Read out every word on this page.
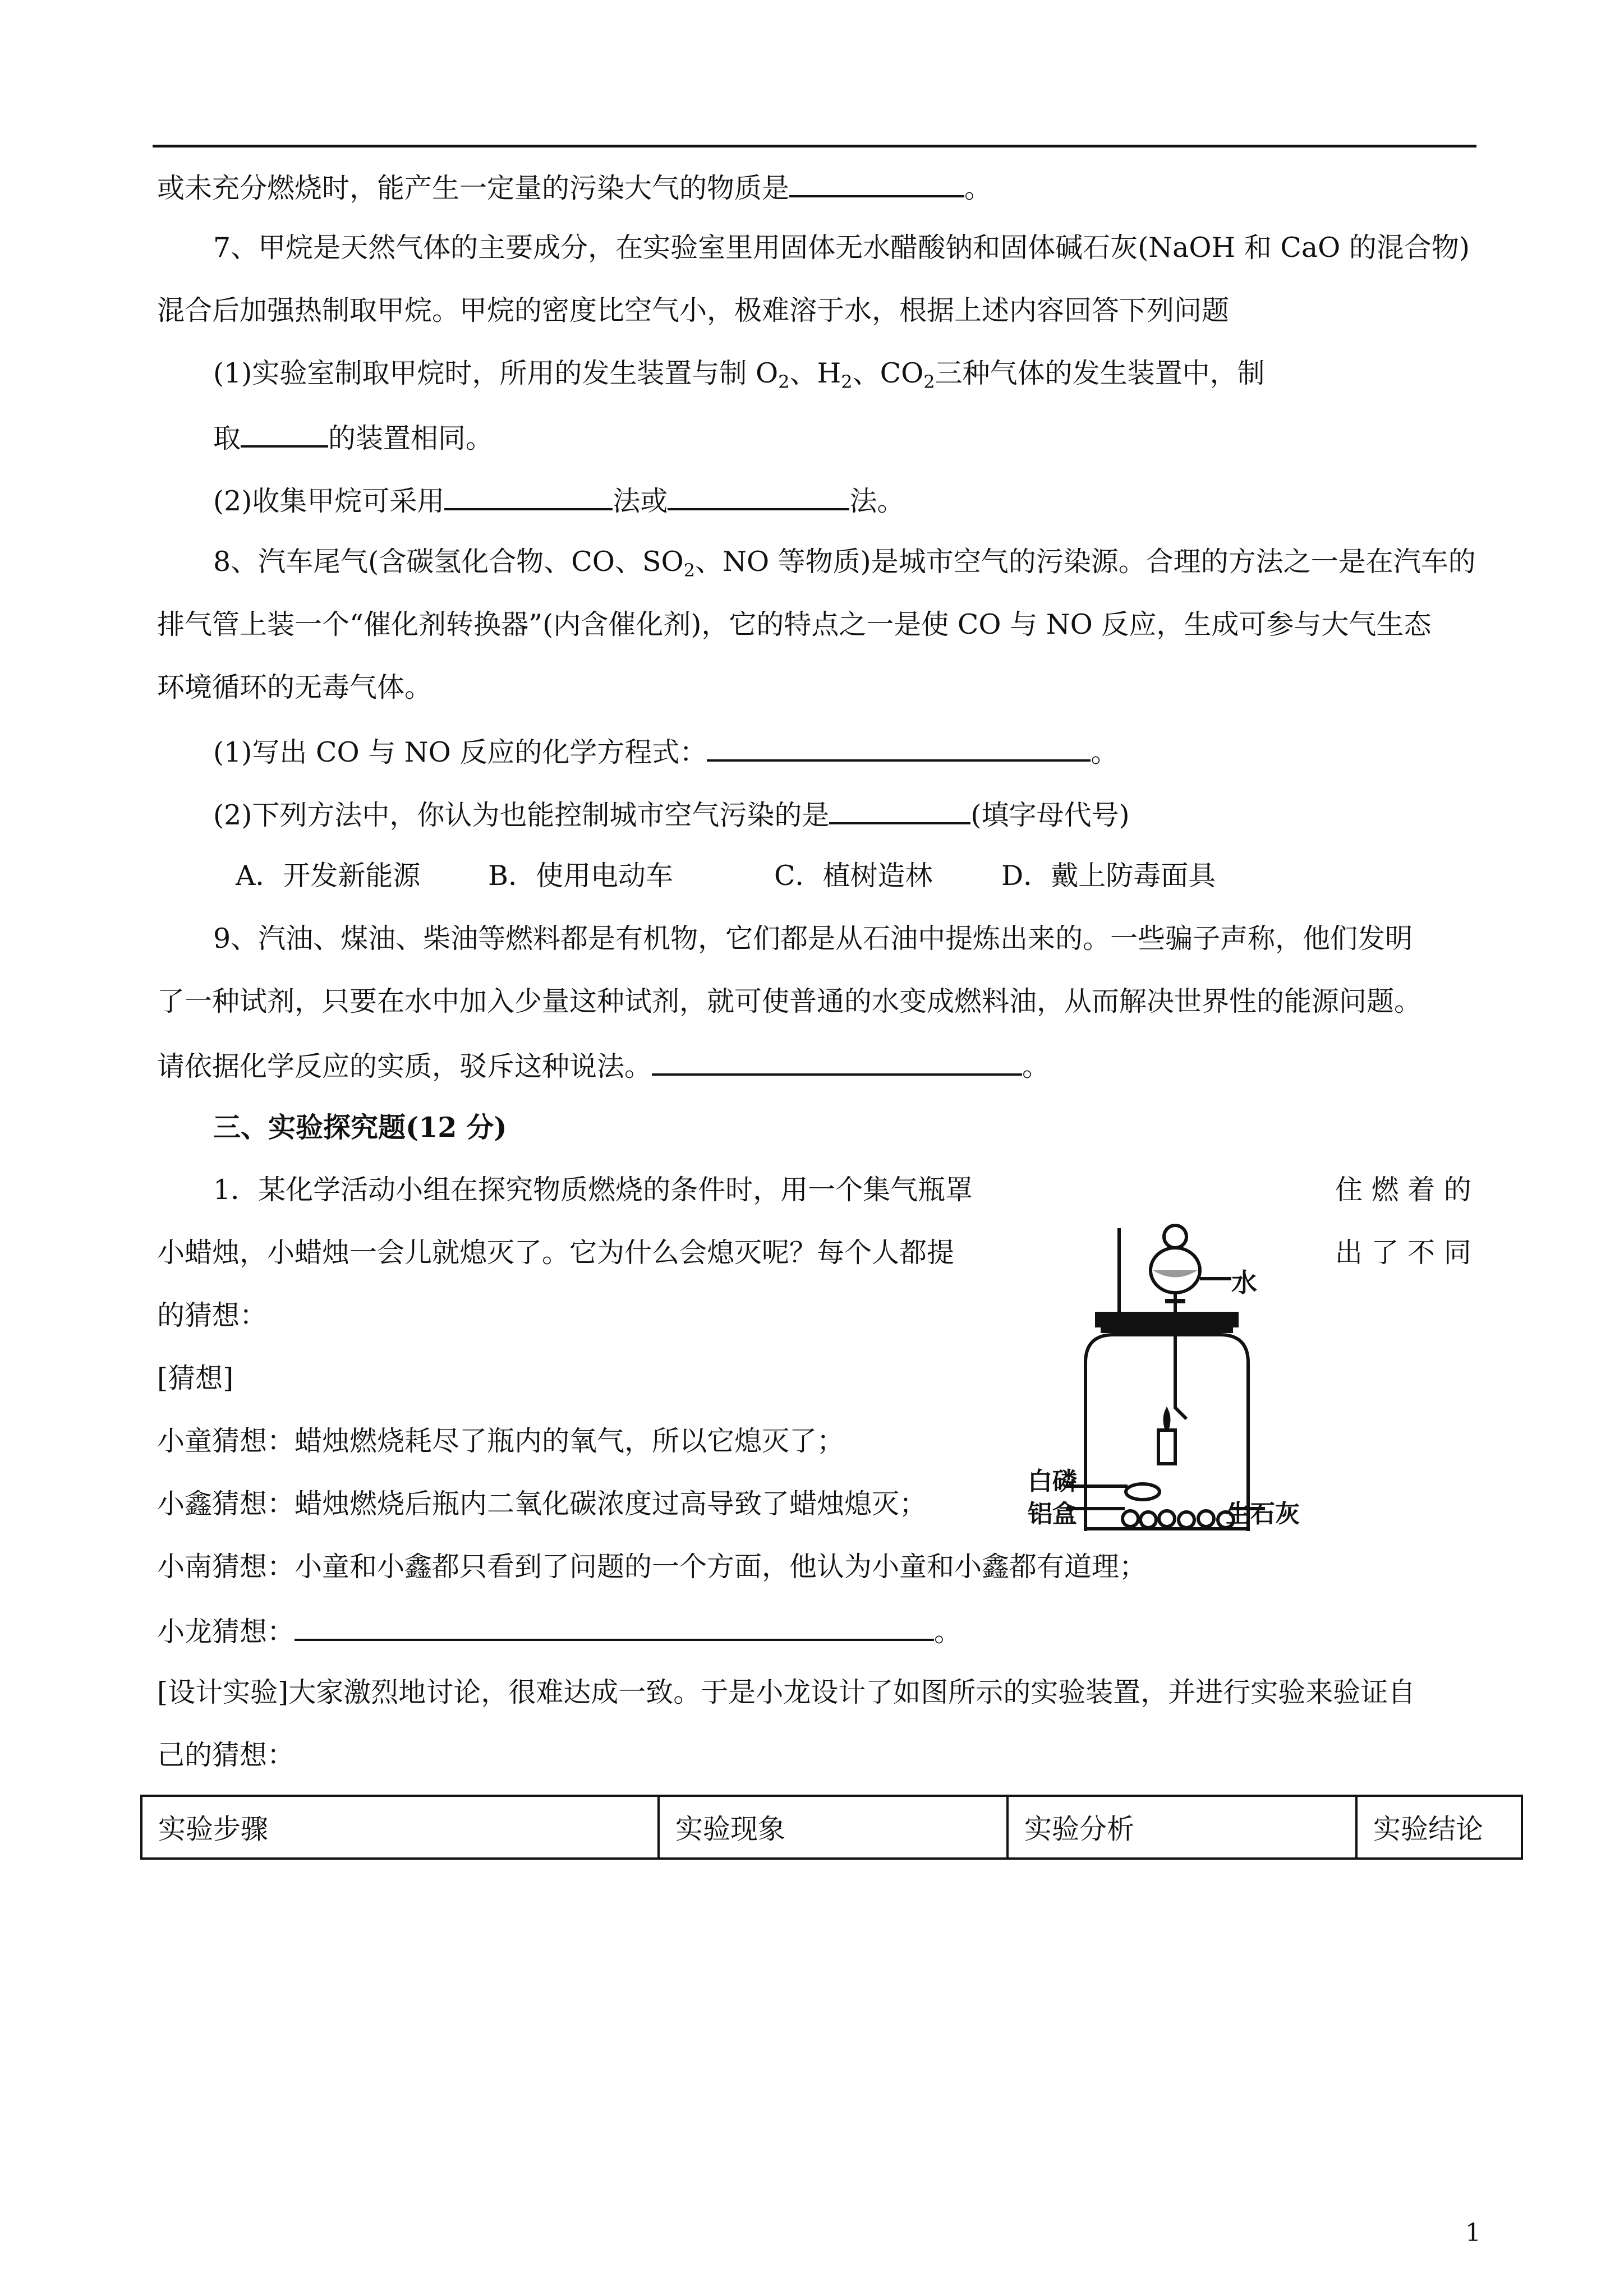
或未充分燃烧时，能产生一定量的污染大气的物质是	。
7、甲烷是天然气体的主要成分，在实验室里用固体无水醋酸钠和固体碱石灰(NaOH 和 CaO 的混合物)
混合后加强热制取甲烷。甲烷的密度比空气小，极难溶于水，根据上述内容回答下列问题
(1)实验室制取甲烷时，所用的发生装置与制 $O_2$、$H_2$、$CO_2$三种气体的发生装置中，制
取	的装置相同。
(2)收集甲烷可采用	法或	法。
8、汽车尾气(含碳氢化合物、CO、$SO_2$、NO 等物质)是城市空气的污染源。合理的方法之一是在汽车的
排气管上装一个“催化剂转换器”(内含催化剂)，它的特点之一是使 CO 与 NO 反应，生成可参与大气生态
环境循环的无毒气体。
(1)写出 CO 与 NO 反应的化学方程式：	。
(2)下列方法中，你认为也能控制城市空气污染的是	(填字母代号)
A．开发新能源 B．使用电动车	C．植树造林	D．戴上防毒面具
9、汽油、煤油、柴油等燃料都是有机物，它们都是从石油中提炼出来的。一些骗子声称，他们发明
了一种试剂，只要在水中加入少量这种试剂，就可使普通的水变成燃料油，从而解决世界性的能源问题。
请依据化学反应的实质，驳斥这种说法。	。
三、实验探究题(12 分)
1．某化学活动小组在探究物质燃烧的条件时，用一个集气瓶罩	住 燃 着 的
小蜡烛，小蜡烛一会儿就熄灭了。它为什么会熄灭呢？每个人都提	出 了 不 同
的猜想：
[猜想]
小童猜想：蜡烛燃烧耗尽了瓶内的氧气，所以它熄灭了；
小鑫猜想：蜡烛燃烧后瓶内二氧化碳浓度过高导致了蜡烛熄灭；
小南猜想：小童和小鑫都只看到了问题的一个方面，他认为小童和小鑫都有道理；
小龙猜想：	。
[设计实验]大家激烈地讨论，很难达成一致。于是小龙设计了如图所示的实验装置，并进行实验来验证自
己的猜想：
水
白磷
铝盒	生石灰
实验步骤	实验现象	实验分析	实验结论
1
